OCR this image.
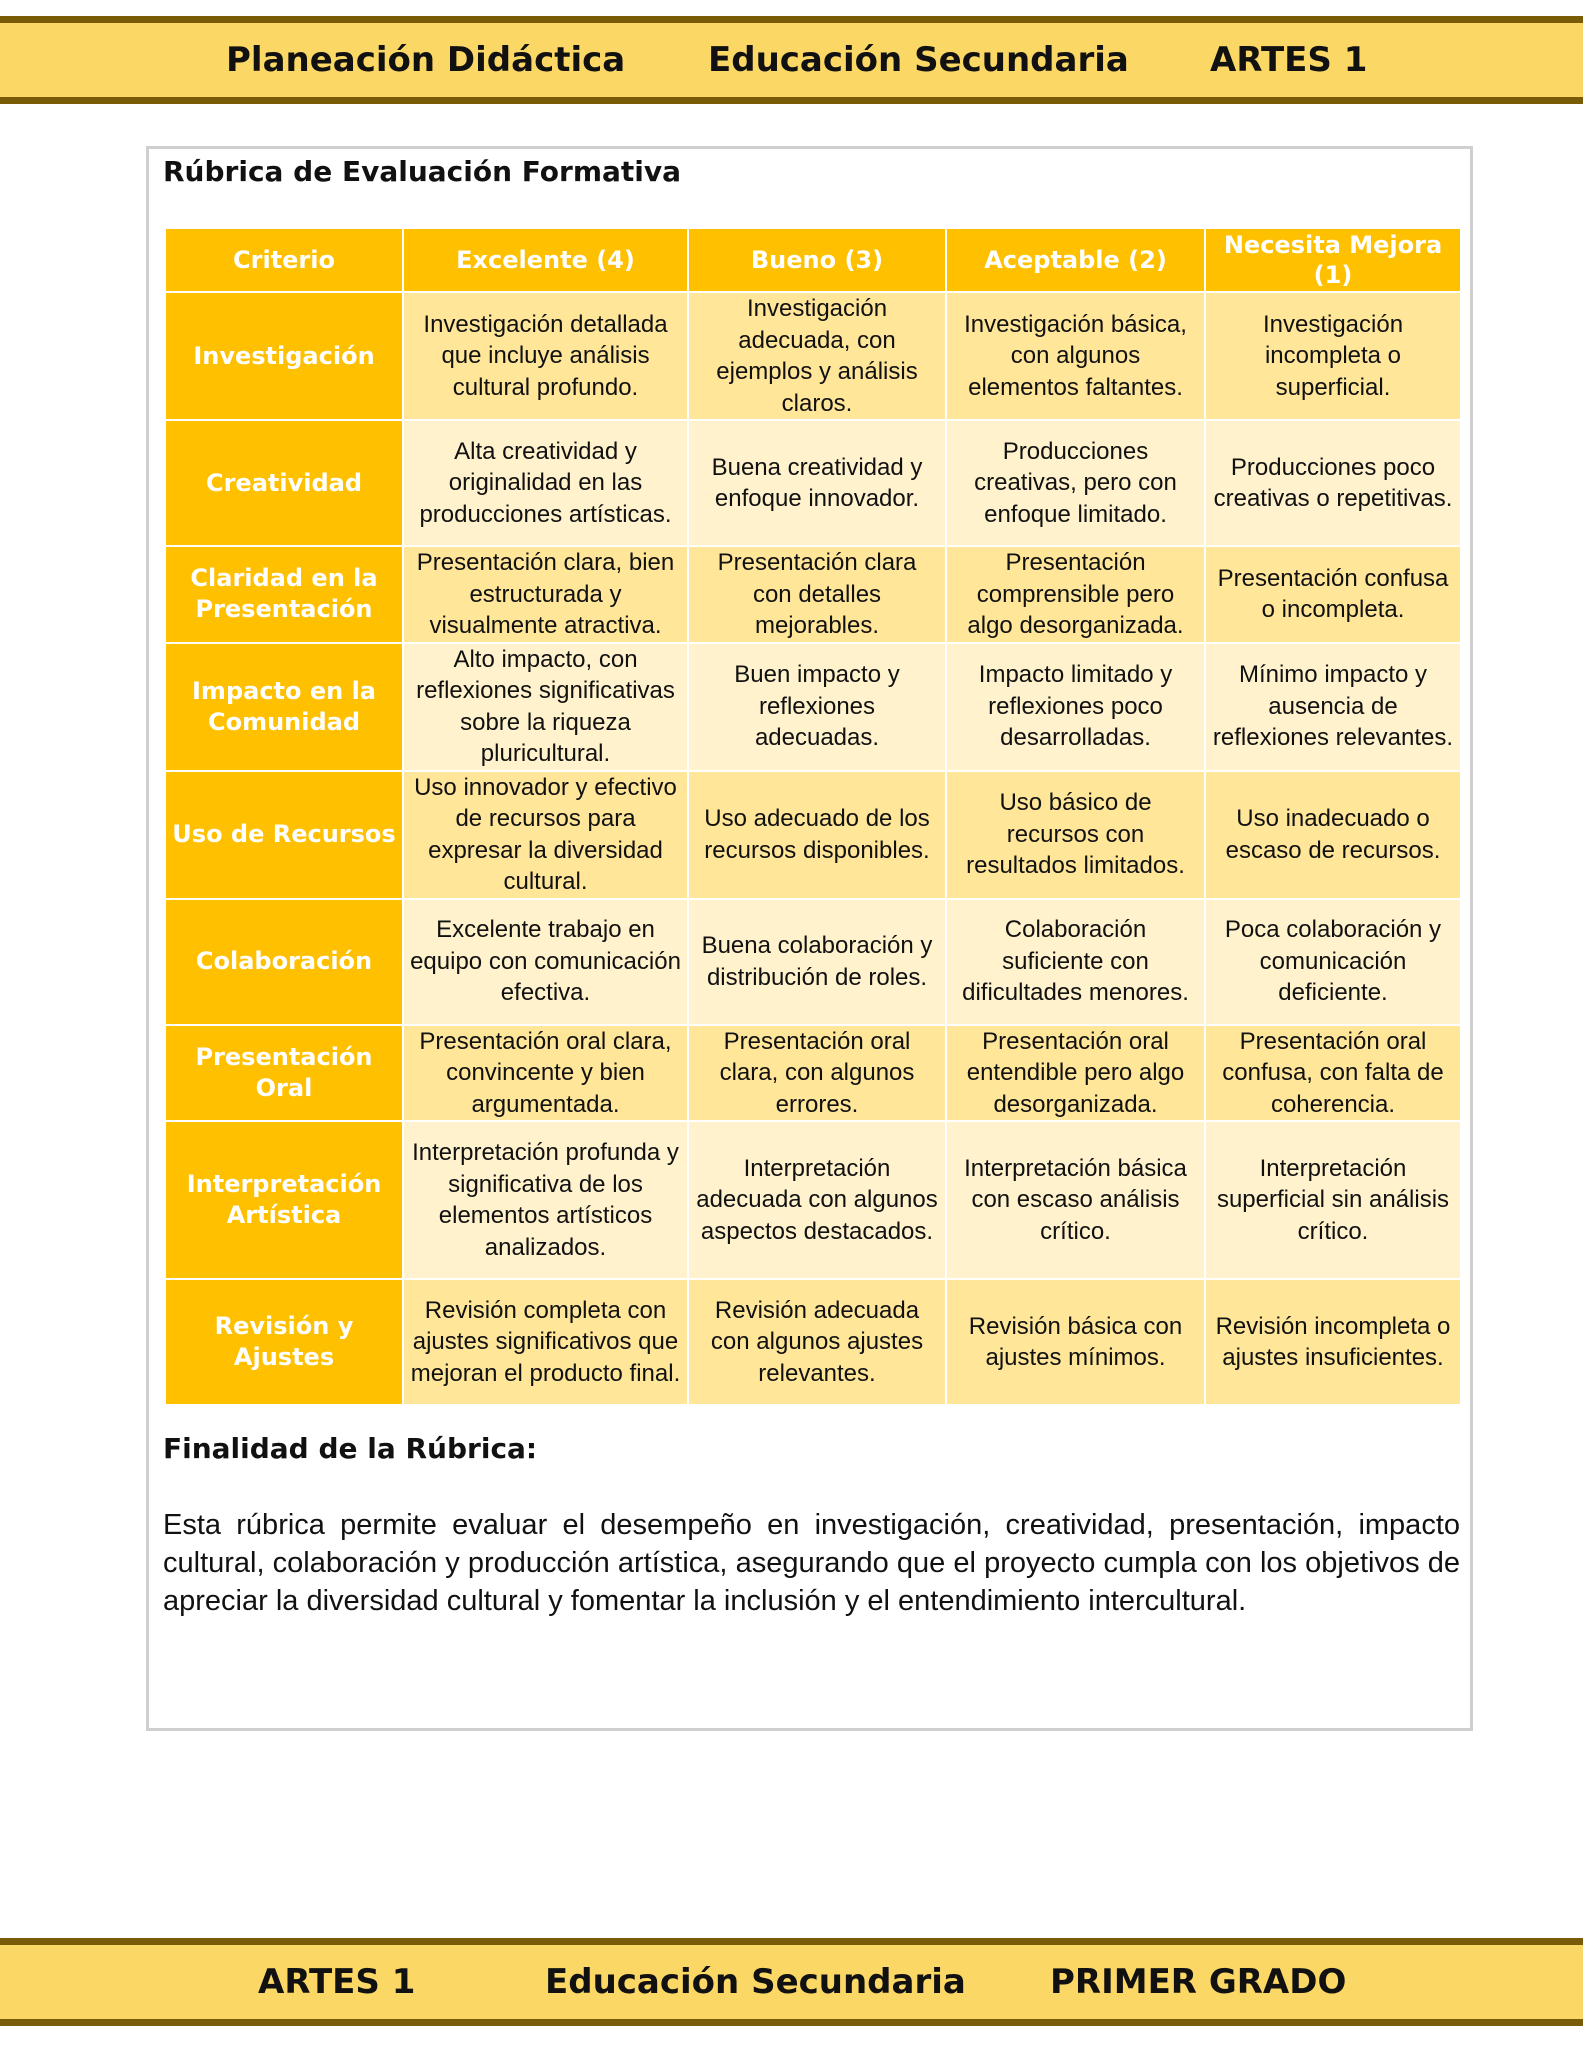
Planeación Didáctica Educación Secundaria ARTES 1
Rúbrica de Evaluación Formativa
Criterio	Excelente (4)	Bueno (3)	Aceptable (2)	Necesita Mejora (1)
Investigación	Investigación detallada que incluye análisis cultural profundo.	Investigación adecuada, con ejemplos y análisis claros.	Investigación básica, con algunos elementos faltantes.	Investigación incompleta o superficial.
Creatividad	Alta creatividad y originalidad en las producciones artísticas.	Buena creatividad y enfoque innovador.	Producciones creativas, pero con enfoque limitado.	Producciones poco creativas o repetitivas.
Claridad en la Presentación	Presentación clara, bien estructurada y visualmente atractiva.	Presentación clara con detalles mejorables.	Presentación comprensible pero algo desorganizada.	Presentación confusa o incompleta.
Impacto en la Comunidad	Alto impacto, con reflexiones significativas sobre la riqueza pluricultural.	Buen impacto y reflexiones adecuadas.	Impacto limitado y reflexiones poco desarrolladas.	Mínimo impacto y ausencia de reflexiones relevantes.
Uso de Recursos	Uso innovador y efectivo de recursos para expresar la diversidad cultural.	Uso adecuado de los recursos disponibles.	Uso básico de recursos con resultados limitados.	Uso inadecuado o escaso de recursos.
Colaboración	Excelente trabajo en equipo con comunicación efectiva.	Buena colaboración y distribución de roles.	Colaboración suficiente con dificultades menores.	Poca colaboración y comunicación deficiente.
Presentación Oral	Presentación oral clara, convincente y bien argumentada.	Presentación oral clara, con algunos errores.	Presentación oral entendible pero algo desorganizada.	Presentación oral confusa, con falta de coherencia.
Interpretación Artística	Interpretación profunda y significativa de los elementos artísticos analizados.	Interpretación adecuada con algunos aspectos destacados.	Interpretación básica con escaso análisis crítico.	Interpretación superficial sin análisis crítico.
Revisión y Ajustes	Revisión completa con ajustes significativos que mejoran el producto final.	Revisión adecuada con algunos ajustes relevantes.	Revisión básica con ajustes mínimos.	Revisión incompleta o ajustes insuficientes.
Finalidad de la Rúbrica:
Esta rúbrica permite evaluar el desempeño en investigación, creatividad, presentación, impacto cultural, colaboración y producción artística, asegurando que el proyecto cumpla con los objetivos de apreciar la diversidad cultural y fomentar la inclusión y el entendimiento intercultural.
ARTES 1	Educación Secundaria PRIMER GRADO
